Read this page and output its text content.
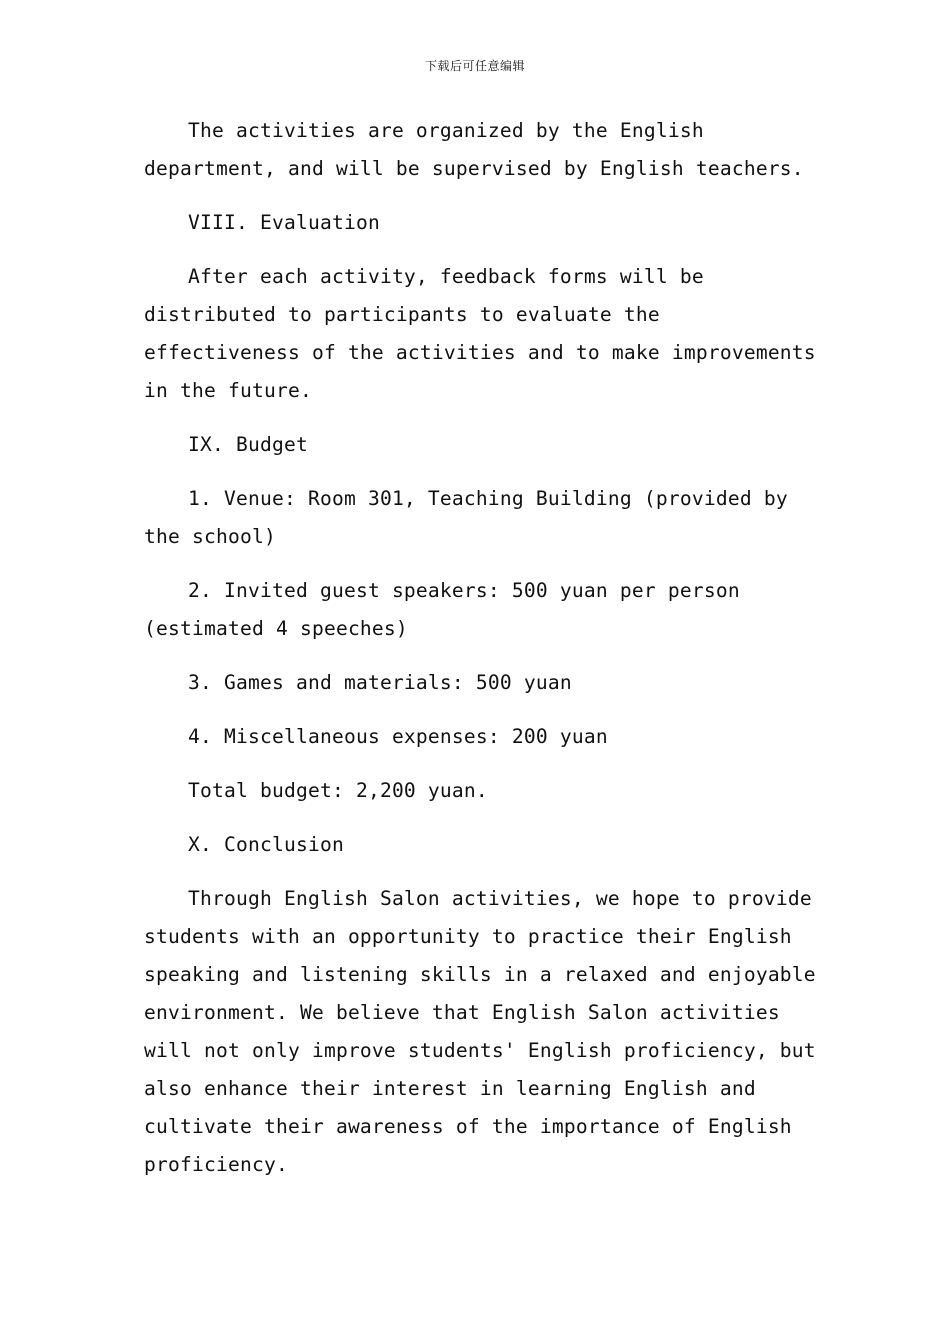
下载后可任意编辑

The activities are organized by the English department, and will be supervised by English teachers.

VIII. Evaluation

After each activity, feedback forms will be distributed to participants to evaluate the effectiveness of the activities and to make improvements in the future.

IX. Budget

1. Venue: Room 301, Teaching Building (provided by the school)

2. Invited guest speakers: 500 yuan per person (estimated 4 speeches)

3. Games and materials: 500 yuan

4. Miscellaneous expenses: 200 yuan

Total budget: 2,200 yuan.

X. Conclusion

Through English Salon activities, we hope to provide students with an opportunity to practice their English speaking and listening skills in a relaxed and enjoyable environment. We believe that English Salon activities will not only improve students' English proficiency, but also enhance their interest in learning English and cultivate their awareness of the importance of English proficiency.
